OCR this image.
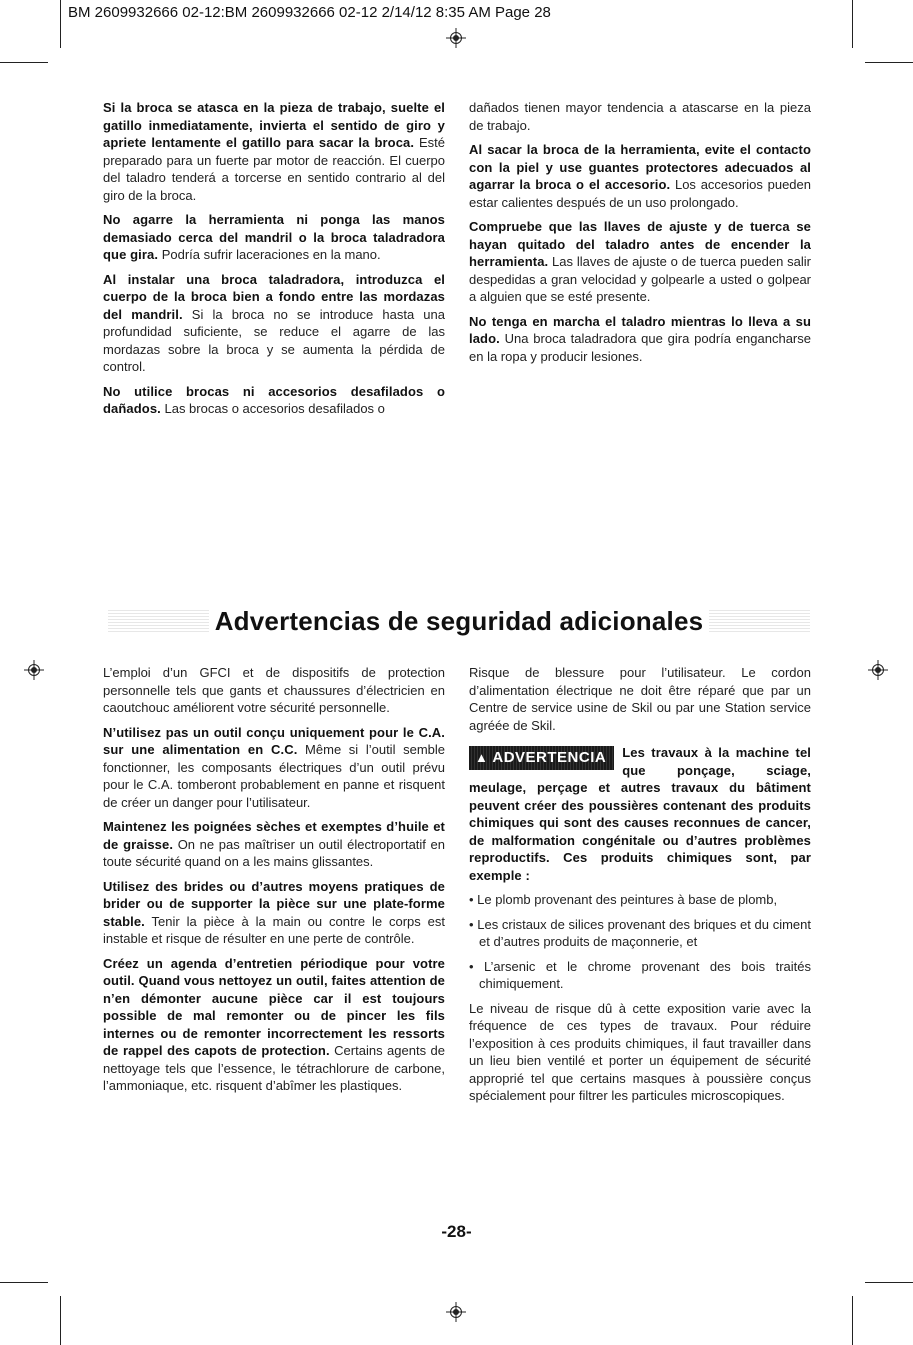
BM 2609932666 02-12:BM 2609932666 02-12 2/14/12 8:35 AM Page 28

Si la broca se atasca en la pieza de trabajo, suelte el gatillo inmediatamente, invierta el sentido de giro y apriete lentamente el gatillo para sacar la broca. Esté preparado para un fuerte par motor de reacción. El cuerpo del taladro tenderá a torcerse en sentido contrario al del giro de la broca.

No agarre la herramienta ni ponga las manos demasiado cerca del mandril o la broca taladradora que gira. Podría sufrir laceraciones en la mano.

Al instalar una broca taladradora, introduzca el cuerpo de la broca bien a fondo entre las mordazas del mandril. Si la broca no se introduce hasta una profundidad suficiente, se reduce el agarre de las mordazas sobre la broca y se aumenta la pérdida de control.

No utilice brocas ni accesorios desafilados o dañados. Las brocas o accesorios desafilados o

dañados tienen mayor tendencia a atascarse en la pieza de trabajo.

Al sacar la broca de la herramienta, evite el contacto con la piel y use guantes protectores adecuados al agarrar la broca o el accesorio. Los accesorios pueden estar calientes después de un uso prolongado.

Compruebe que las llaves de ajuste y de tuerca se hayan quitado del taladro antes de encender la herramienta. Las llaves de ajuste o de tuerca pueden salir despedidas a gran velocidad y golpearle a usted o golpear a alguien que se esté presente.

No tenga en marcha el taladro mientras lo lleva a su lado. Una broca taladradora que gira podría engancharse en la ropa y producir lesiones.

Advertencias de seguridad adicionales

L’emploi d’un GFCI et de dispositifs de protection personnelle tels que gants et chaussures d’électricien en caoutchouc améliorent votre sécurité personnelle.

N’utilisez pas un outil conçu uniquement pour le C.A. sur une alimentation en C.C. Même si l’outil semble fonctionner, les composants électriques d’un outil prévu pour le C.A. tomberont probablement en panne et risquent de créer un danger pour l’utilisateur.

Maintenez les poignées sèches et exemptes d’huile et de graisse. On ne pas maîtriser un outil électroportatif en toute sécurité quand on a les mains glissantes.

Utilisez des brides ou d’autres moyens pratiques de brider ou de supporter la pièce sur une plate-forme stable. Tenir la pièce à la main ou contre le corps est instable et risque de résulter en une perte de contrôle.

Créez un agenda d’entretien périodique pour votre outil. Quand vous nettoyez un outil, faites attention de n’en démonter aucune pièce car il est toujours possible de mal remonter ou de pincer les fils internes ou de remonter incorrectement les ressorts de rappel des capots de protection. Certains agents de nettoyage tels que l’essence, le tétrachlorure de carbone, l’ammoniaque, etc. risquent d’abîmer les plastiques.

Risque de blessure pour l’utilisateur. Le cordon d’alimentation électrique ne doit être réparé que par un Centre de service usine de Skil ou par une Station service agréée de Skil.

▲ ADVERTENCIA	Les travaux à la machine tel que ponçage, sciage, meulage, perçage et autres travaux du bâtiment peuvent créer des poussières contenant des produits chimiques qui sont des causes reconnues de cancer, de malformation congénitale ou d’autres problèmes reproductifs. Ces produits chimiques sont, par exemple :

• Le plomb provenant des peintures à base de plomb,

• Les cristaux de silices provenant des briques et du ciment et d’autres produits de maçonnerie, et

• L’arsenic et le chrome provenant des bois traités chimiquement.

Le niveau de risque dû à cette exposition varie avec la fréquence de ces types de travaux. Pour réduire l’exposition à ces produits chimiques, il faut travailler dans un lieu bien ventilé et porter un équipement de sécurité approprié tel que certains masques à poussière conçus spécialement pour filtrer les particules microscopiques.

-28-
